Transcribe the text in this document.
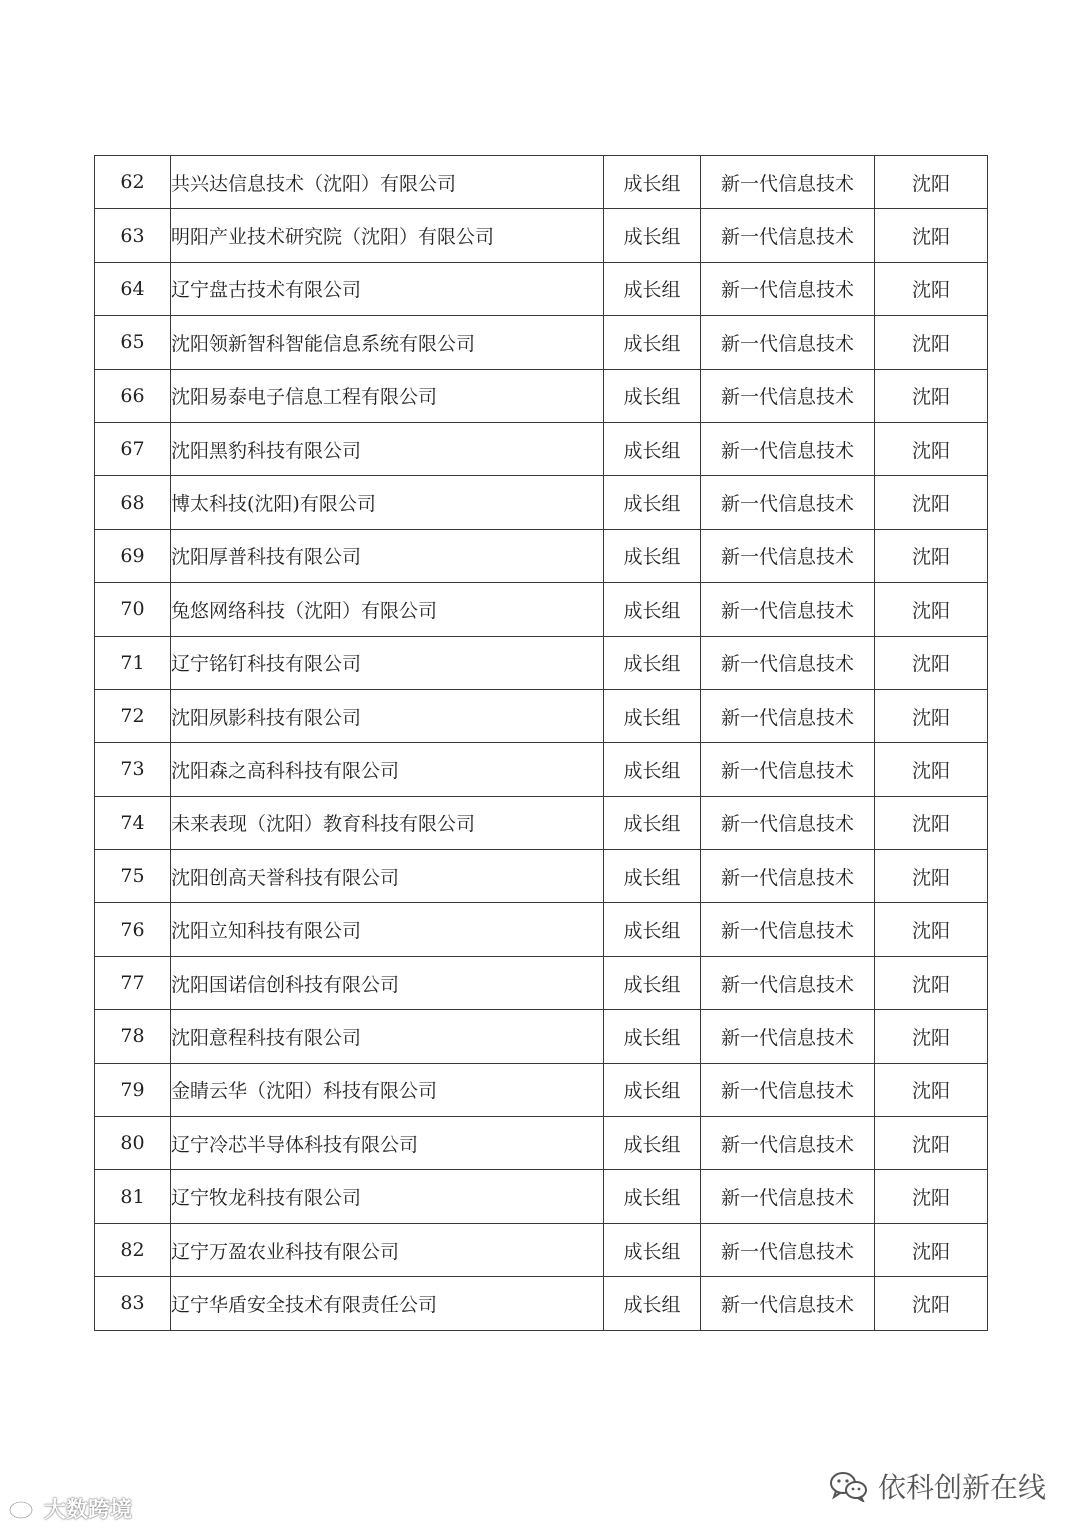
62	共兴达信息技术（沈阳）有限公司	成长组	新一代信息技术	沈阳
63	明阳产业技术研究院（沈阳）有限公司	成长组	新一代信息技术	沈阳
64	辽宁盘古技术有限公司	成长组	新一代信息技术	沈阳
65	沈阳领新智科智能信息系统有限公司	成长组	新一代信息技术	沈阳
66	沈阳易泰电子信息工程有限公司	成长组	新一代信息技术	沈阳
67	沈阳黑豹科技有限公司	成长组	新一代信息技术	沈阳
68	博太科技(沈阳)有限公司	成长组	新一代信息技术	沈阳
69	沈阳厚普科技有限公司	成长组	新一代信息技术	沈阳
70	兔悠网络科技（沈阳）有限公司	成长组	新一代信息技术	沈阳
71	辽宁铭钉科技有限公司	成长组	新一代信息技术	沈阳
72	沈阳夙影科技有限公司	成长组	新一代信息技术	沈阳
73	沈阳森之高科科技有限公司	成长组	新一代信息技术	沈阳
74	未来表现（沈阳）教育科技有限公司	成长组	新一代信息技术	沈阳
75	沈阳创高天誉科技有限公司	成长组	新一代信息技术	沈阳
76	沈阳立知科技有限公司	成长组	新一代信息技术	沈阳
77	沈阳国诺信创科技有限公司	成长组	新一代信息技术	沈阳
78	沈阳意程科技有限公司	成长组	新一代信息技术	沈阳
79	金睛云华（沈阳）科技有限公司	成长组	新一代信息技术	沈阳
80	辽宁冷芯半导体科技有限公司	成长组	新一代信息技术	沈阳
81	辽宁牧龙科技有限公司	成长组	新一代信息技术	沈阳
82	辽宁万盈农业科技有限公司	成长组	新一代信息技术	沈阳
83	辽宁华盾安全技术有限责任公司	成长组	新一代信息技术	沈阳
大数跨境
依科创新在线
